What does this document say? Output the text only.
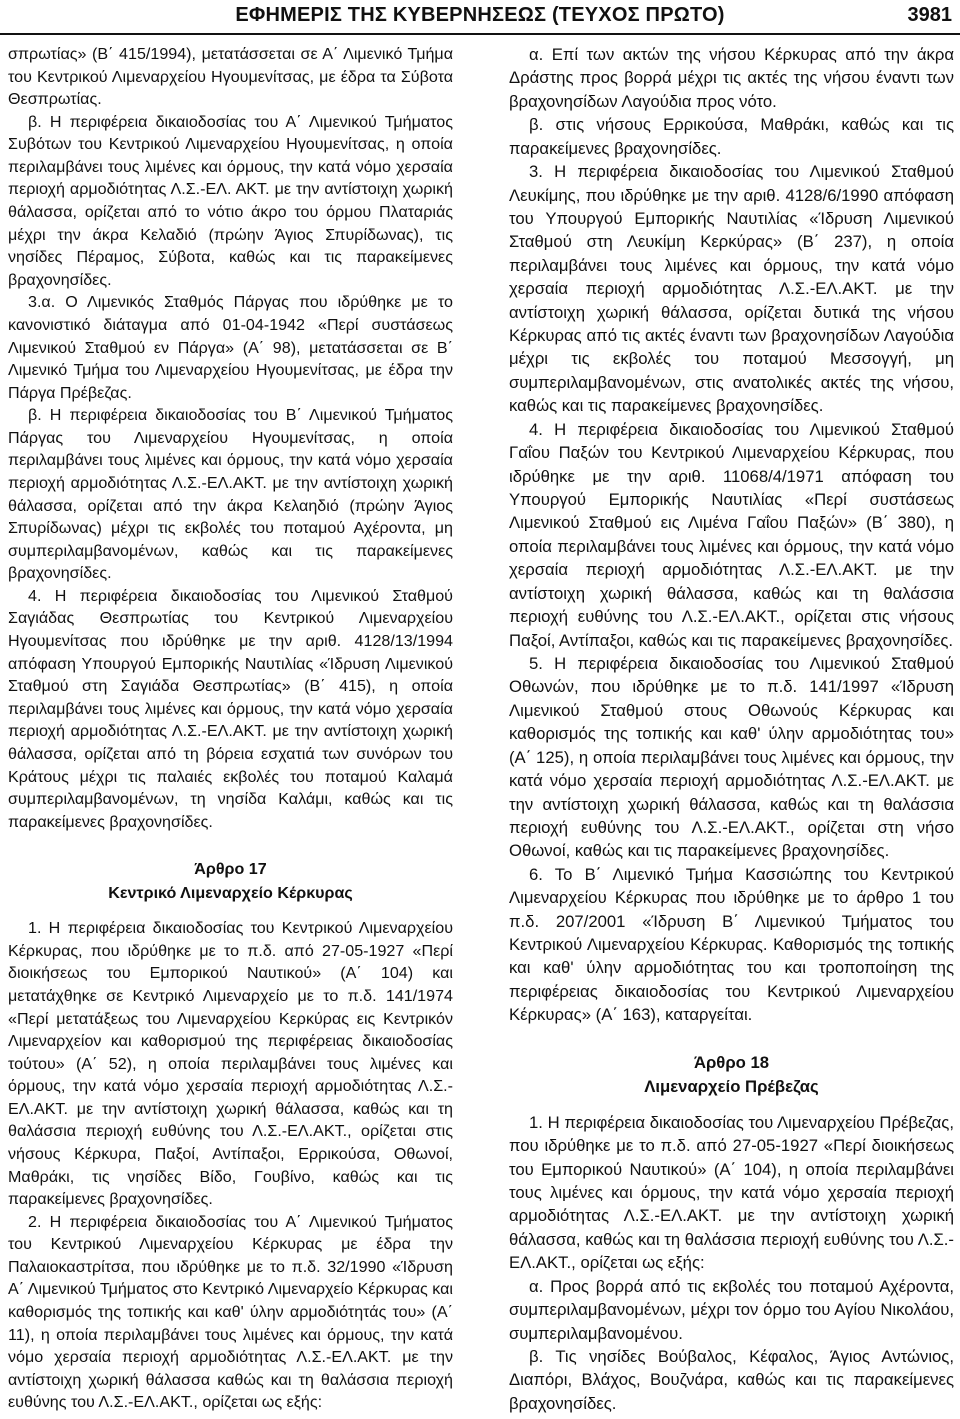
ΕΦΗΜΕΡΙΣ ΤΗΣ ΚΥΒΕΡΝΗΣΕΩΣ (ΤΕΥΧΟΣ ΠΡΩΤΟ)	3981

σπρωτίας» (Β΄ 415/1994), μετατάσσεται σε Α΄ Λιμενικό Τμήμα του Κεντρικού Λιμεναρχείου Ηγουμενίτσας, με έδρα τα Σύβοτα Θεσπρωτίας.

β. Η περιφέρεια δικαιοδοσίας του Α΄ Λιμενικού Τμήματος Συβότων του Κεντρικού Λιμεναρχείου Ηγουμενίτσας, η οποία περιλαμβάνει τους λιμένες και όρμους, την κατά νόμο χερσαία περιοχή αρμοδιότητας Λ.Σ.-ΕΛ. ΑΚΤ. με την αντίστοιχη χωρική θάλασσα, ορίζεται από το νότιο άκρο του όρμου Πλαταριάς μέχρι την άκρα Κελαδιό (πρώην Άγιος Σπυρίδωνας), τις νησίδες Πέραμος, Σύβοτα, καθώς και τις παρακείμενες βραχονησίδες.

3.α. Ο Λιμενικός Σταθμός Πάργας που ιδρύθηκε με το κανονιστικό διάταγμα από 01-04-1942 «Περί συστάσεως Λιμενικού Σταθμού εν Πάργα» (Α΄ 98), μετατάσσεται σε Β΄ Λιμενικό Τμήμα του Λιμεναρχείου Ηγουμενίτσας, με έδρα την Πάργα Πρέβεζας.

β. Η περιφέρεια δικαιοδοσίας του Β΄ Λιμενικού Τμήματος Πάργας του Λιμεναρχείου Ηγουμενίτσας, η οποία περιλαμβάνει τους λιμένες και όρμους, την κατά νόμο χερσαία περιοχή αρμοδιότητας Λ.Σ.-ΕΛ.ΑΚΤ. με την αντίστοιχη χωρική θάλασσα, ορίζεται από την άκρα Κελαηδιό (πρώην Άγιος Σπυρίδωνας) μέχρι τις εκβολές του ποταμού Αχέροντα, μη συμπεριλαμβανομένων, καθώς και τις παρακείμενες βραχονησίδες.

4. Η περιφέρεια δικαιοδοσίας του Λιμενικού Σταθμού Σαγιάδας Θεσπρωτίας του Κεντρικού Λιμεναρχείου Ηγουμενίτσας που ιδρύθηκε με την αριθ. 4128/13/1994 απόφαση Υπουργού Εμπορικής Ναυτιλίας «Ίδρυση Λιμενικού Σταθμού στη Σαγιάδα Θεσπρωτίας» (Β΄ 415), η οποία περιλαμβάνει τους λιμένες και όρμους, την κατά νόμο χερσαία περιοχή αρμοδιότητας Λ.Σ.-ΕΛ.ΑΚΤ. με την αντίστοιχη χωρική θάλασσα, ορίζεται από τη βόρεια εσχατιά των συνόρων του Κράτους μέχρι τις παλαιές εκβολές του ποταμού Καλαμά συμπεριλαμβανομένων, τη νησίδα Καλάμι, καθώς και τις παρακείμενες βραχονησίδες.

Άρθρο 17
Κεντρικό Λιμεναρχείο Κέρκυρας

1. Η περιφέρεια δικαιοδοσίας του Κεντρικού Λιμεναρχείου Κέρκυρας, που ιδρύθηκε με το π.δ. από 27-05-1927 «Περί διοικήσεως του Εμπορικού Ναυτικού» (Α΄ 104) και μετατάχθηκε σε Κεντρικό Λιμεναρχείο με το π.δ. 141/1974 «Περί μετατάξεως του Λιμεναρχείου Κερκύρας εις Κεντρικόν Λιμεναρχείον και καθορισμού της περιφέρειας δικαιοδοσίας τούτου» (Α΄ 52), η οποία περιλαμβάνει τους λιμένες και όρμους, την κατά νόμο χερσαία περιοχή αρμοδιότητας Λ.Σ.-ΕΛ.ΑΚΤ. με την αντίστοιχη χωρική θάλασσα, καθώς και τη θαλάσσια περιοχή ευθύνης του Λ.Σ.-ΕΛ.ΑΚΤ., ορίζεται στις νήσους Κέρκυρα, Παξοί, Αντίπαξοι, Ερρικούσα, Οθωνοί, Μαθράκι, τις νησίδες Βίδο, Γουβίνο, καθώς και τις παρακείμενες βραχονησίδες.

2. Η περιφέρεια δικαιοδοσίας του Α΄ Λιμενικού Τμήματος του Κεντρικού Λιμεναρχείου Κέρκυρας με έδρα την Παλαιοκαστρίτσα, που ιδρύθηκε με το π.δ. 32/1990 «Ίδρυση Α΄ Λιμενικού Τμήματος στο Κεντρικό Λιμεναρχείο Κέρκυρας και καθορισμός της τοπικής και καθ' ύλην αρμοδιότητάς του» (Α΄ 11), η οποία περιλαμβάνει τους λιμένες και όρμους, την κατά νόμο χερσαία περιοχή αρμοδιότητας Λ.Σ.-ΕΛ.ΑΚΤ. με την αντίστοιχη χωρική θάλασσα καθώς και τη θαλάσσια περιοχή ευθύνης του Λ.Σ.-ΕΛ.ΑΚΤ., ορίζεται ως εξής:

α. Επί των ακτών της νήσου Κέρκυρας από την άκρα Δράστης προς βορρά μέχρι τις ακτές της νήσου έναντι των βραχονησίδων Λαγούδια προς νότο.

β. στις νήσους Ερρικούσα, Μαθράκι, καθώς και τις παρακείμενες βραχονησίδες.

3. Η περιφέρεια δικαιοδοσίας του Λιμενικού Σταθμού Λευκίμης, που ιδρύθηκε με την αριθ. 4128/6/1990 απόφαση του Υπουργού Εμπορικής Ναυτιλίας «Ίδρυση Λιμενικού Σταθμού στη Λευκίμη Κερκύρας» (Β΄ 237), η οποία περιλαμβάνει τους λιμένες και όρμους, την κατά νόμο χερσαία περιοχή αρμοδιότητας Λ.Σ.-ΕΛ.ΑΚΤ. με την αντίστοιχη χωρική θάλασσα, ορίζεται δυτικά της νήσου Κέρκυρας από τις ακτές έναντι των βραχονησίδων Λαγούδια μέχρι τις εκβολές του ποταμού Μεσσογγή, μη συμπεριλαμβανομένων, στις ανατολικές ακτές της νήσου, καθώς και τις παρακείμενες βραχονησίδες.

4. Η περιφέρεια δικαιοδοσίας του Λιμενικού Σταθμού Γαΐου Παξών του Κεντρικού Λιμεναρχείου Κέρκυρας, που ιδρύθηκε με την αριθ. 11068/4/1971 απόφαση του Υπουργού Εμπορικής Ναυτιλίας «Περί συστάσεως Λιμενικού Σταθμού εις Λιμένα Γαΐου Παξών» (Β΄ 380), η οποία περιλαμβάνει τους λιμένες και όρμους, την κατά νόμο χερσαία περιοχή αρμοδιότητας Λ.Σ.-ΕΛ.ΑΚΤ. με την αντίστοιχη χωρική θάλασσα, καθώς και τη θαλάσσια περιοχή ευθύνης του Λ.Σ.-ΕΛ.ΑΚΤ., ορίζεται στις νήσους Παξοί, Αντίπαξοι, καθώς και τις παρακείμενες βραχονησίδες.

5. Η περιφέρεια δικαιοδοσίας του Λιμενικού Σταθμού Οθωνών, που ιδρύθηκε με το π.δ. 141/1997 «Ίδρυση Λιμενικού Σταθμού στους Οθωνούς Κέρκυρας και καθορισμός της τοπικής και καθ' ύλην αρμοδιότητας του» (Α΄ 125), η οποία περιλαμβάνει τους λιμένες και όρμους, την κατά νόμο χερσαία περιοχή αρμοδιότητας Λ.Σ.-ΕΛ.ΑΚΤ. με την αντίστοιχη χωρική θάλασσα, καθώς και τη θαλάσσια περιοχή ευθύνης του Λ.Σ.-ΕΛ.ΑΚΤ., ορίζεται στη νήσο Οθωνοί, καθώς και τις παρακείμενες βραχονησίδες.

6. Το Β΄ Λιμενικό Τμήμα Κασσιώπης του Κεντρικού Λιμεναρχείου Κέρκυρας που ιδρύθηκε με το άρθρο 1 του π.δ. 207/2001 «Ίδρυση Β΄ Λιμενικού Τμήματος του Κεντρικού Λιμεναρχείου Κέρκυρας. Καθορισμός της τοπικής και καθ' ύλην αρμοδιότητας του και τροποποίηση της περιφέρειας δικαιοδοσίας του Κεντρικού Λιμεναρχείου Κέρκυρας» (Α΄ 163), καταργείται.

Άρθρο 18
Λιμεναρχείο Πρέβεζας

1. Η περιφέρεια δικαιοδοσίας του Λιμεναρχείου Πρέβεζας, που ιδρύθηκε με το π.δ. από 27-05-1927 «Περί διοικήσεως του Εμπορικού Ναυτικού» (Α΄ 104), η οποία περιλαμβάνει τους λιμένες και όρμους, την κατά νόμο χερσαία περιοχή αρμοδιότητας Λ.Σ.-ΕΛ.ΑΚΤ. με την αντίστοιχη χωρική θάλασσα, καθώς και τη θαλάσσια περιοχή ευθύνης του Λ.Σ.-ΕΛ.ΑΚΤ., ορίζεται ως εξής:

α. Προς βορρά από τις εκβολές του ποταμού Αχέροντα, συμπεριλαμβανομένων, μέχρι τον όρμο του Αγίου Νικολάου, συμπεριλαμβανομένου.

β. Τις νησίδες Βούβαλος, Κέφαλος, Άγιος Αντώνιος, Διαπόρι, Βλάχος, Βουζνάρα, καθώς και τις παρακείμενες βραχονησίδες.
